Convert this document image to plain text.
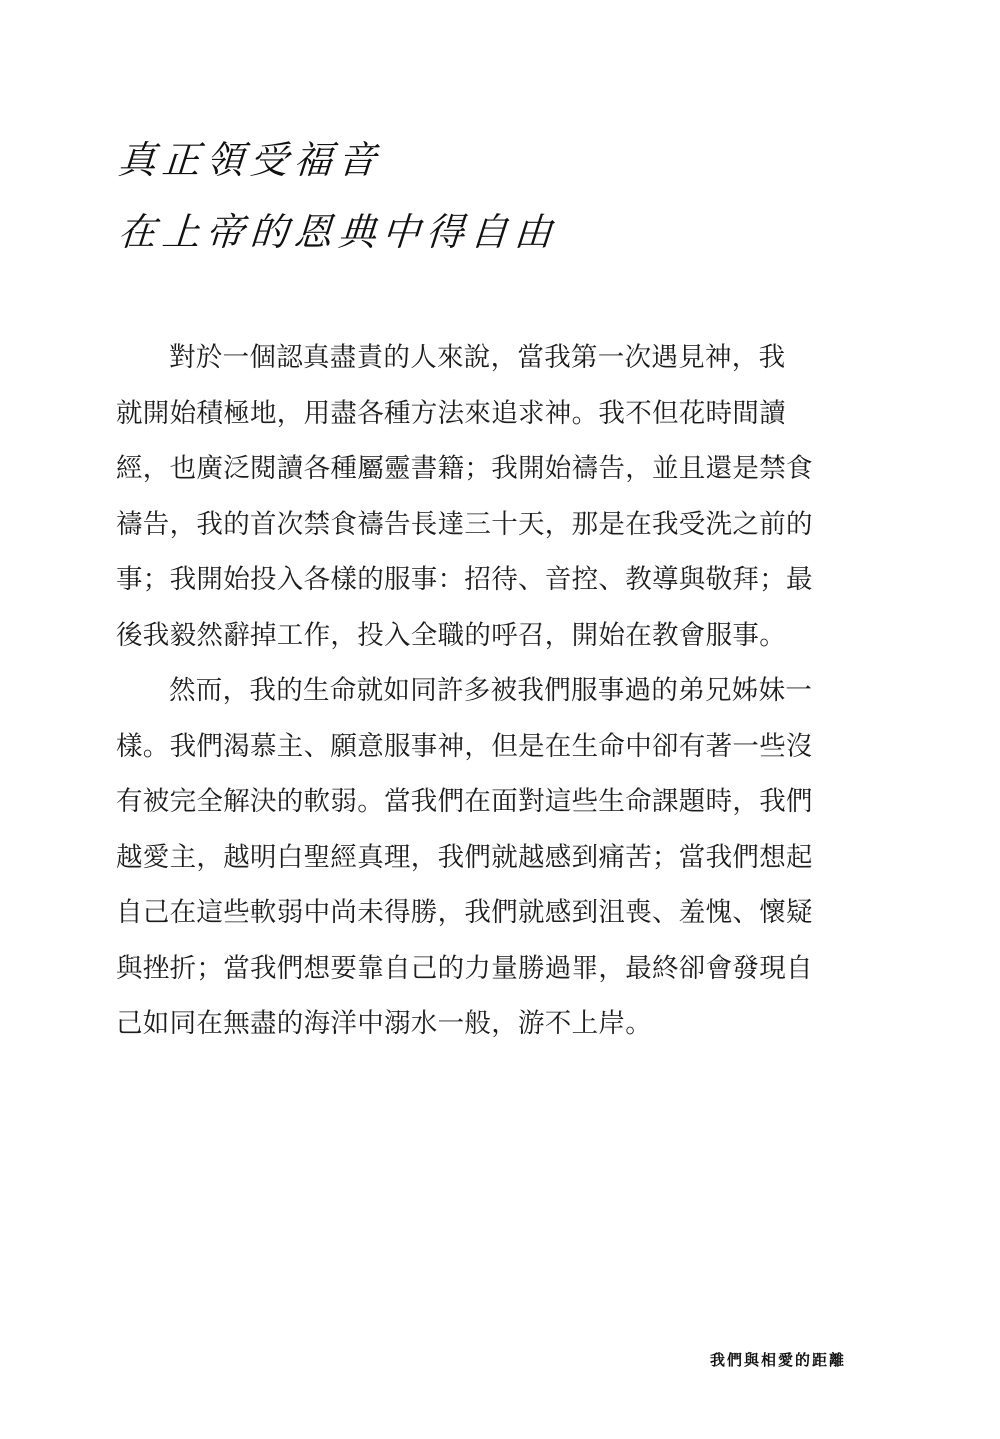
真正領受福音
在上帝的恩典中得自由

對於一個認真盡責的人來說，當我第一次遇見神，我
就開始積極地，用盡各種方法來追求神。我不但花時間讀
經，也廣泛閱讀各種屬靈書籍；我開始禱告，並且還是禁食
禱告，我的首次禁食禱告長達三十天，那是在我受洗之前的
事；我開始投入各樣的服事：招待、音控、教導與敬拜；最
後我毅然辭掉工作，投入全職的呼召，開始在教會服事。

然而，我的生命就如同許多被我們服事過的弟兄姊妹一
樣。我們渴慕主、願意服事神，但是在生命中卻有著一些沒
有被完全解決的軟弱。當我們在面對這些生命課題時，我們
越愛主，越明白聖經真理，我們就越感到痛苦；當我們想起
自己在這些軟弱中尚未得勝，我們就感到沮喪、羞愧、懷疑
與挫折；當我們想要靠自己的力量勝過罪，最終卻會發現自
己如同在無盡的海洋中溺水一般，游不上岸。

我們與相愛的距離
